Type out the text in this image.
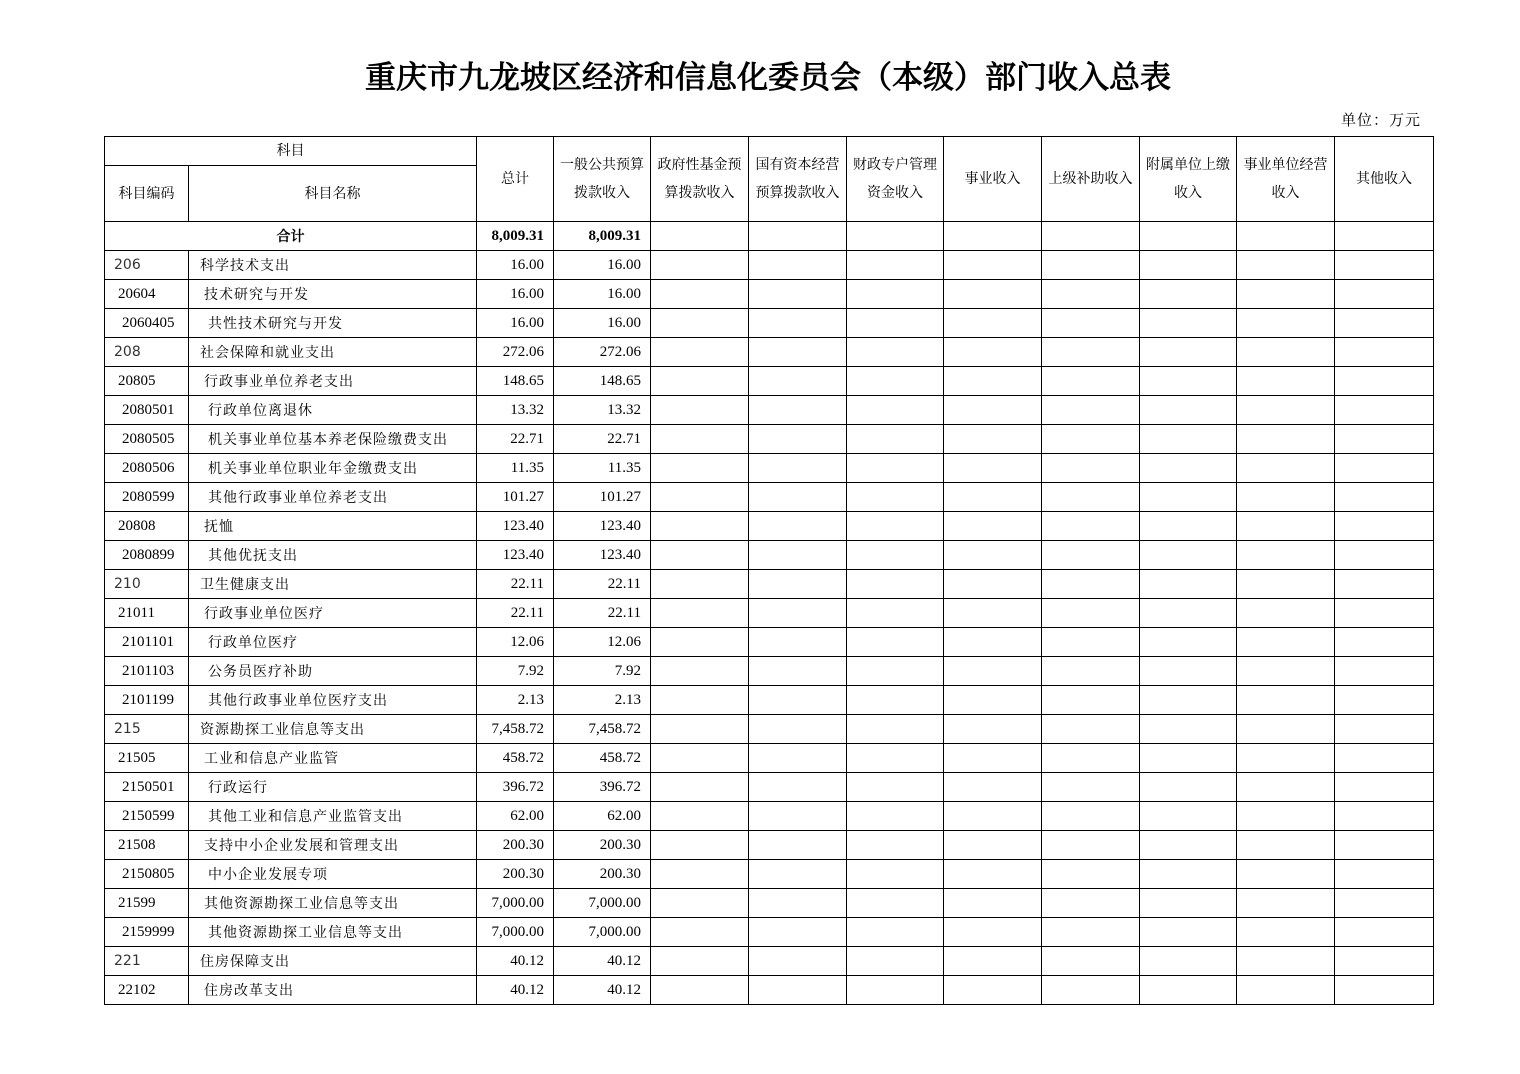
重庆市九龙坡区经济和信息化委员会（本级）部门收入总表
单位：万元
科目		总计	一般公共预算拨款收入	政府性基金预算拨款收入	国有资本经营预算拨款收入	财政专户管理资金收入	事业收入	上级补助收入	附属单位上缴收入	事业单位经营收入	其他收入
科目编码	科目名称										
合计		8,009.31	8,009.31								
206	科学技术支出	16.00	16.00								
20604	技术研究与开发	16.00	16.00								
2060405	共性技术研究与开发	16.00	16.00								
208	社会保障和就业支出	272.06	272.06								
20805	行政事业单位养老支出	148.65	148.65								
2080501	行政单位离退休	13.32	13.32								
2080505	机关事业单位基本养老保险缴费支出	22.71	22.71								
2080506	机关事业单位职业年金缴费支出	11.35	11.35								
2080599	其他行政事业单位养老支出	101.27	101.27								
20808	抚恤	123.40	123.40								
2080899	其他优抚支出	123.40	123.40								
210	卫生健康支出	22.11	22.11								
21011	行政事业单位医疗	22.11	22.11								
2101101	行政单位医疗	12.06	12.06								
2101103	公务员医疗补助	7.92	7.92								
2101199	其他行政事业单位医疗支出	2.13	2.13								
215	资源勘探工业信息等支出	7,458.72	7,458.72								
21505	工业和信息产业监管	458.72	458.72								
2150501	行政运行	396.72	396.72								
2150599	其他工业和信息产业监管支出	62.00	62.00								
21508	支持中小企业发展和管理支出	200.30	200.30								
2150805	中小企业发展专项	200.30	200.30								
21599	其他资源勘探工业信息等支出	7,000.00	7,000.00								
2159999	其他资源勘探工业信息等支出	7,000.00	7,000.00								
221	住房保障支出	40.12	40.12								
22102	住房改革支出	40.12	40.12								
